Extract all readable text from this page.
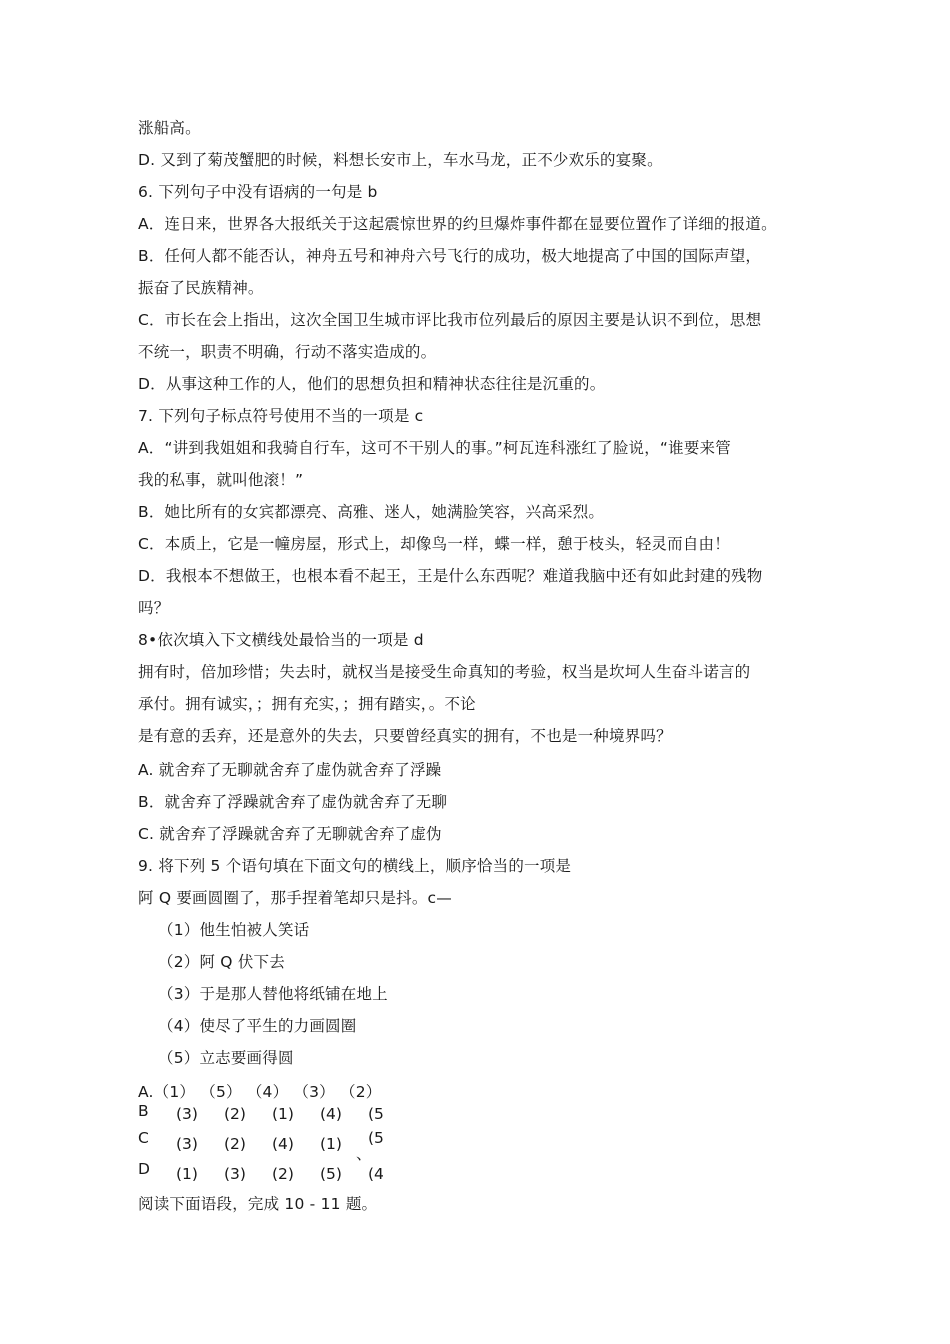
涨船高。
D. 又到了菊茂蟹肥的时候，料想长安市上，车水马龙，正不少欢乐的宴聚。
6. 下列句子中没有语病的一句是 b
A．连日来，世界各大报纸关于这起震惊世界的约旦爆炸事件都在显要位置作了详细的报道。
B．任何人都不能否认，神舟五号和神舟六号飞行的成功，极大地提高了中国的国际声望，
振奋了民族精神。
C．市长在会上指出，这次全国卫生城市评比我市位列最后的原因主要是认识不到位，思想
不统一，职责不明确，行动不落实造成的。
D．从事这种工作的人，他们的思想负担和精神状态往往是沉重的。
7. 下列句子标点符号使用不当的一项是 c
A．“讲到我姐姐和我骑自行车，这可不干别人的事。”柯瓦连科涨红了脸说，“谁要来管
我的私事，就叫他滚！”
B．她比所有的女宾都漂亮、高雅、迷人，她满脸笑容，兴高采烈。
C．本质上，它是一幢房屋，形式上，却像鸟一样，蝶一样，憩于枝头，轻灵而自由！
D．我根本不想做王，也根本看不起王，王是什么东西呢？难道我脑中还有如此封建的残物
吗？
8•依次填入下文横线处最恰当的一项是 d
拥有时，倍加珍惜；失去时，就权当是接受生命真知的考验，权当是坎坷人生奋斗诺言的
承付。拥有诚实，；拥有充实，；拥有踏实，。不论
是有意的丢弃，还是意外的失去，只要曾经真实的拥有，不也是一种境界吗？
A. 就舍弃了无聊就舍弃了虚伪就舍弃了浮躁
B．就舍弃了浮躁就舍弃了虚伪就舍弃了无聊
C. 就舍弃了浮躁就舍弃了无聊就舍弃了虚伪
9. 将下列 5 个语句填在下面文句的横线上，顺序恰当的一项是
阿 Q 要画圆圈了，那手捏着笔却只是抖。c—
（1）他生怕被人笑话
（2）阿 Q 伏下去
（3）于是那人替他将纸铺在地上
（4）使尽了平生的力画圆圈
（5）立志要画得圆
A.（1） （5） （4） （3） （2）
B (3) (2) (1) (4) (5
C (3) (2) (4) (1) (5
、
D (1) (3) (2) (5) (4
阅读下面语段，完成 10 - 11 题。
